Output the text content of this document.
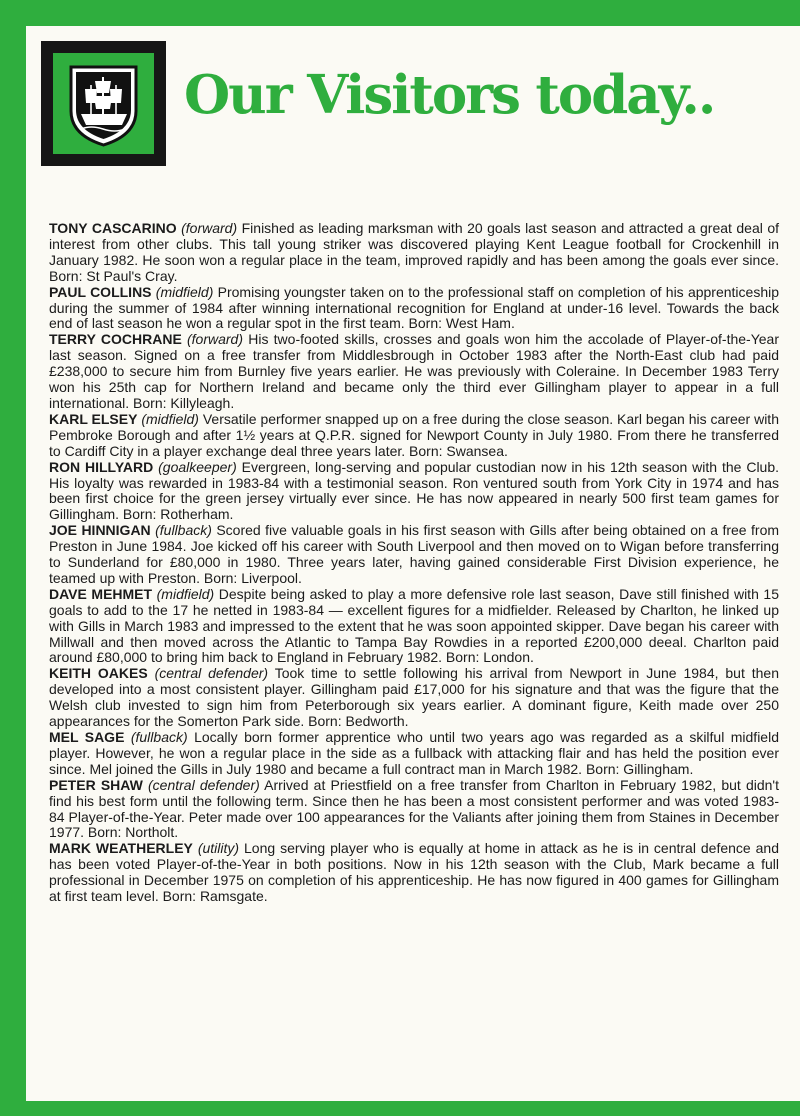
Our Visitors today..

TONY CASCARINO (forward) Finished as leading marksman with 20 goals last season and attracted a great deal of interest from other clubs. This tall young striker was discovered playing Kent League football for Crockenhill in January 1982. He soon won a regular place in the team, improved rapidly and has been among the goals ever since. Born: St Paul's Cray.

PAUL COLLINS (midfield) Promising youngster taken on to the professional staff on completion of his apprenticeship during the summer of 1984 after winning international recognition for England at under-16 level. Towards the back end of last season he won a regular spot in the first team. Born: West Ham.

TERRY COCHRANE (forward) His two-footed skills, crosses and goals won him the accolade of Player-of-the-Year last season. Signed on a free transfer from Middlesbrough in October 1983 after the North-East club had paid £238,000 to secure him from Burnley five years earlier. He was previously with Coleraine. In December 1983 Terry won his 25th cap for Northern Ireland and became only the third ever Gillingham player to appear in a full international. Born: Killyleagh.

KARL ELSEY (midfield) Versatile performer snapped up on a free during the close season. Karl began his career with Pembroke Borough and after 1½ years at Q.P.R. signed for Newport County in July 1980. From there he transferred to Cardiff City in a player exchange deal three years later. Born: Swansea.

RON HILLYARD (goalkeeper) Evergreen, long-serving and popular custodian now in his 12th season with the Club. His loyalty was rewarded in 1983-84 with a testimonial season. Ron ventured south from York City in 1974 and has been first choice for the green jersey virtually ever since. He has now appeared in nearly 500 first team games for Gillingham. Born: Rotherham.

JOE HINNIGAN (fullback) Scored five valuable goals in his first season with Gills after being obtained on a free from Preston in June 1984. Joe kicked off his career with South Liverpool and then moved on to Wigan before transferring to Sunderland for £80,000 in 1980. Three years later, having gained considerable First Division experience, he teamed up with Preston. Born: Liverpool.

DAVE MEHMET (midfield) Despite being asked to play a more defensive role last season, Dave still finished with 15 goals to add to the 17 he netted in 1983-84 — excellent figures for a midfielder. Released by Charlton, he linked up with Gills in March 1983 and impressed to the extent that he was soon appointed skipper. Dave began his career with Millwall and then moved across the Atlantic to Tampa Bay Rowdies in a reported £200,000 deeal. Charlton paid around £80,000 to bring him back to England in February 1982. Born: London.

KEITH OAKES (central defender) Took time to settle following his arrival from Newport in June 1984, but then developed into a most consistent player. Gillingham paid £17,000 for his signature and that was the figure that the Welsh club invested to sign him from Peterborough six years earlier. A dominant figure, Keith made over 250 appearances for the Somerton Park side. Born: Bedworth.

MEL SAGE (fullback) Locally born former apprentice who until two years ago was regarded as a skilful midfield player. However, he won a regular place in the side as a fullback with attacking flair and has held the position ever since. Mel joined the Gills in July 1980 and became a full contract man in March 1982. Born: Gillingham.

PETER SHAW (central defender) Arrived at Priestfield on a free transfer from Charlton in February 1982, but didn't find his best form until the following term. Since then he has been a most consistent performer and was voted 1983-84 Player-of-the-Year. Peter made over 100 appearances for the Valiants after joining them from Staines in December 1977. Born: Northolt.

MARK WEATHERLEY (utility) Long serving player who is equally at home in attack as he is in central defence and has been voted Player-of-the-Year in both positions. Now in his 12th season with the Club, Mark became a full professional in December 1975 on completion of his apprenticeship. He has now figured in 400 games for Gillingham at first team level. Born: Ramsgate.
